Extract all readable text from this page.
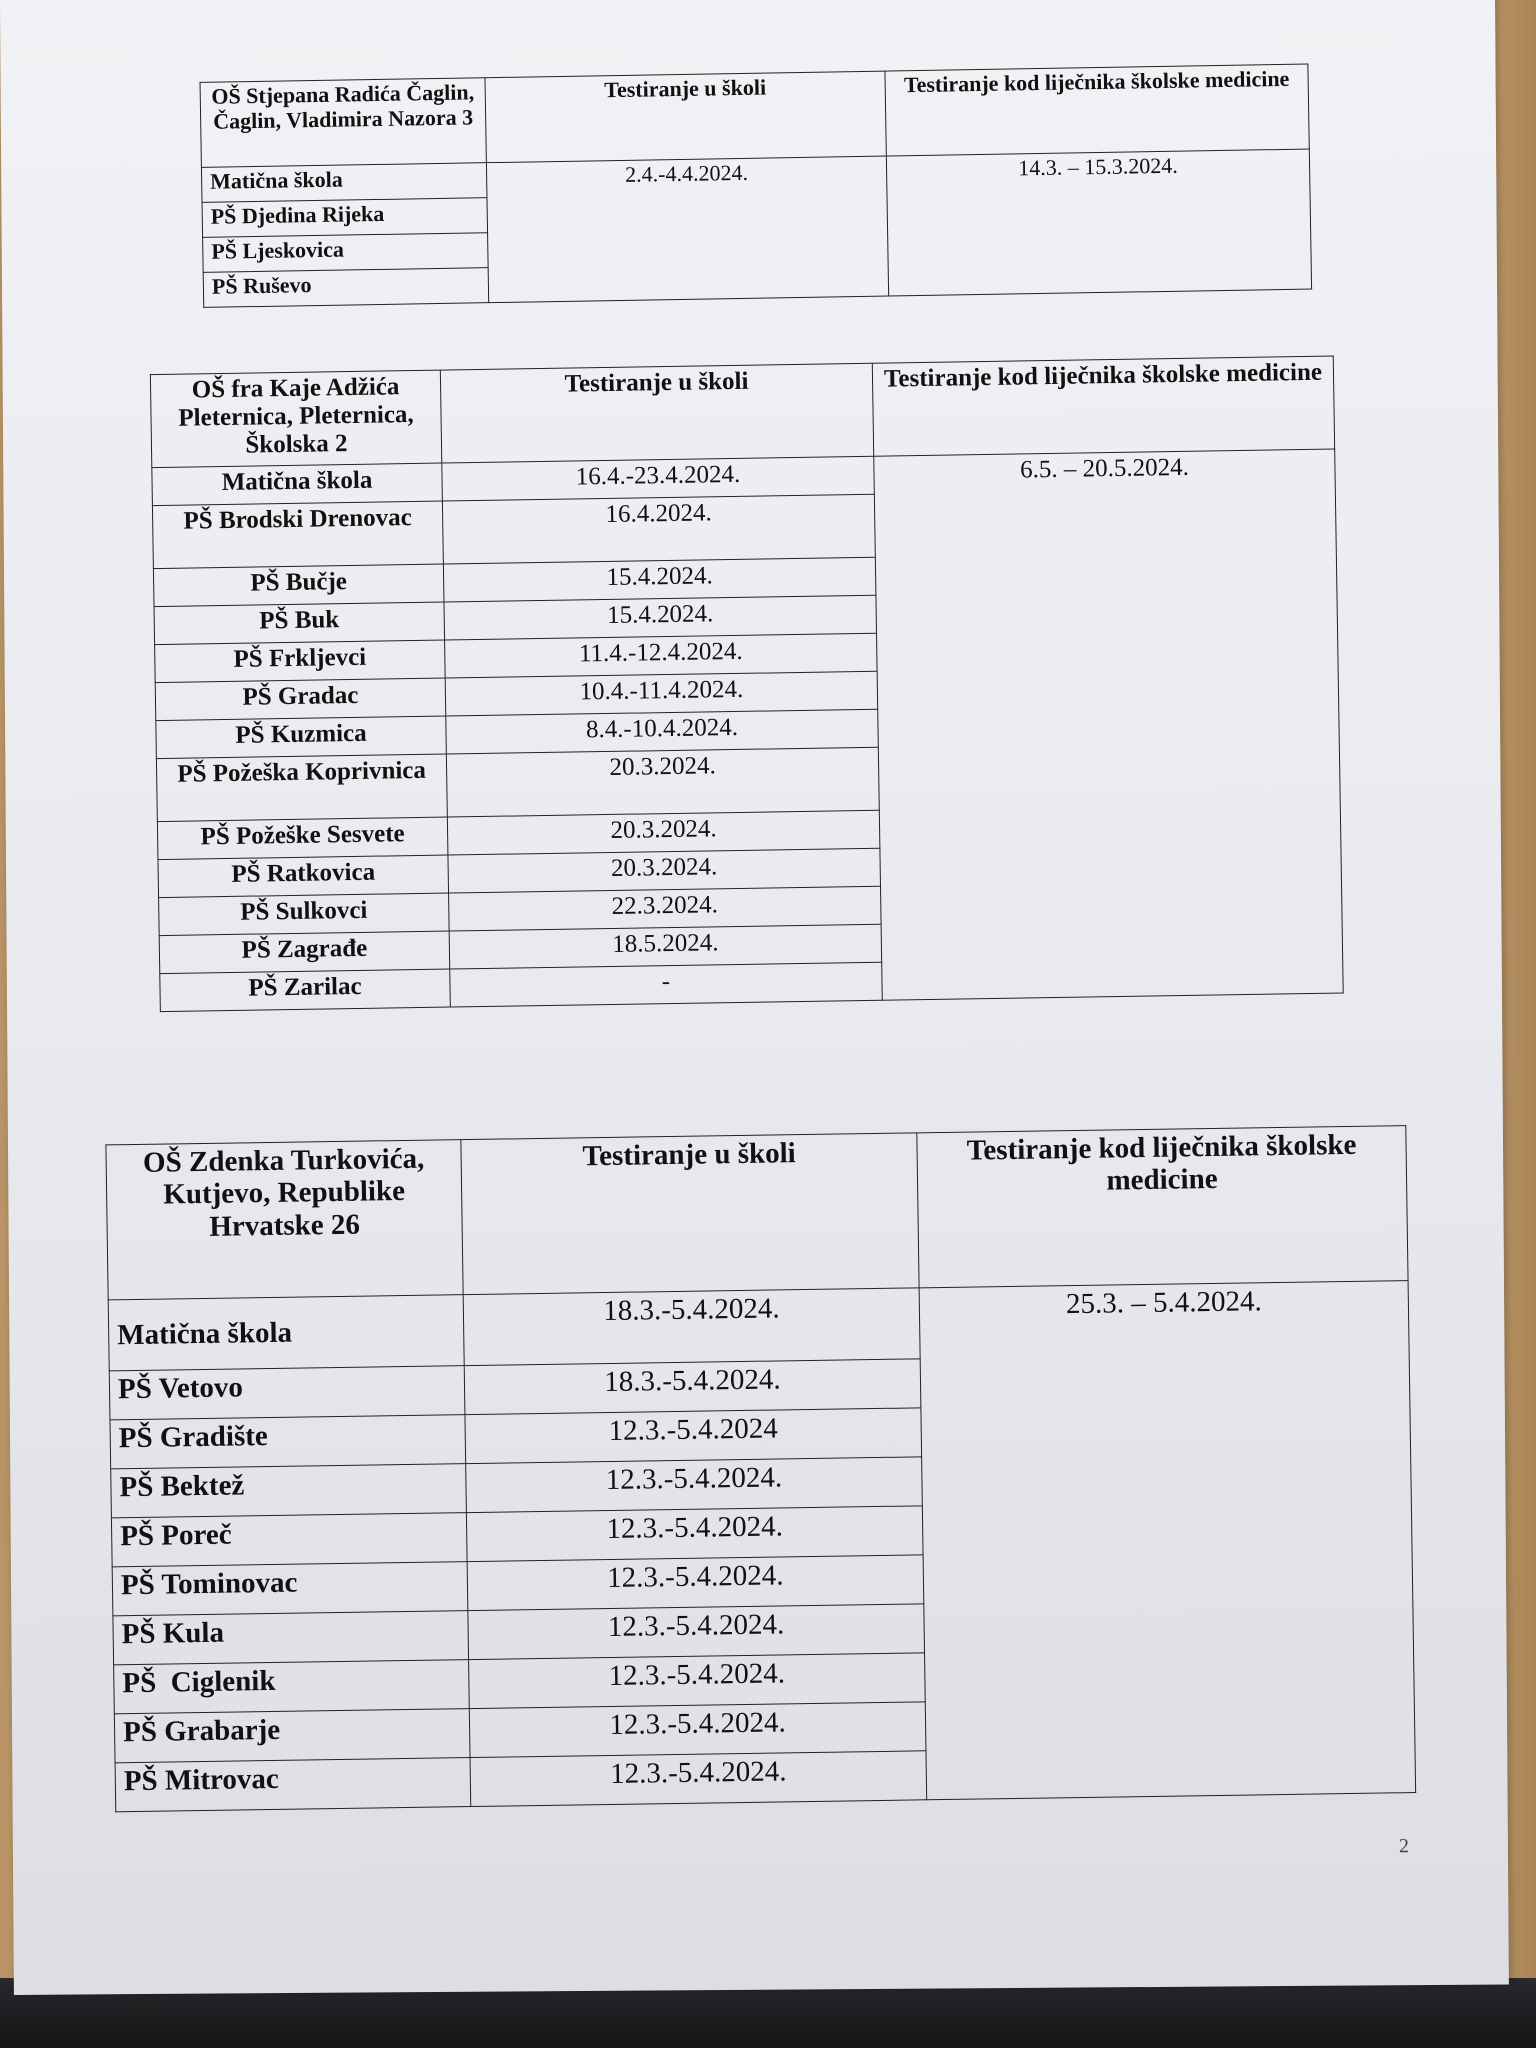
OŠ Stjepana Radića Čaglin, Čaglin, Vladimira Nazora 3	Testiranje u školi	Testiranje kod liječnika školske medicine
Matična škola	2.4.-4.4.2024.	14.3. – 15.3.2024.
PŠ Djedina Rijeka		
PŠ Ljeskovica		
PŠ Ruševo		
OŠ fra Kaje Adžića Pleternica, Pleternica, Školska 2	Testiranje u školi	Testiranje kod liječnika školske medicine
Matična škola	16.4.-23.4.2024.	6.5. – 20.5.2024.
PŠ Brodski Drenovac	16.4.2024.	
PŠ Bučje	15.4.2024.	
PŠ Buk	15.4.2024.	
PŠ Frkljevci	11.4.-12.4.2024.	
PŠ Gradac	10.4.-11.4.2024.	
PŠ Kuzmica	8.4.-10.4.2024.	
PŠ Požeška Koprivnica	20.3.2024.	
PŠ Požeške Sesvete	20.3.2024.	
PŠ Ratkovica	20.3.2024.	
PŠ Sulkovci	22.3.2024.	
PŠ Zagrađe	18.5.2024.	
PŠ Zarilac	-	
OŠ Zdenka Turkovića, Kutjevo, Republike Hrvatske 26	Testiranje u školi	Testiranje kod liječnika školske medicine
Matična škola	18.3.-5.4.2024.	25.3. – 5.4.2024.
PŠ Vetovo	18.3.-5.4.2024.	
PŠ Gradište	12.3.-5.4.2024	
PŠ Bektež	12.3.-5.4.2024.	
PŠ Poreč	12.3.-5.4.2024.	
PŠ Tominovac	12.3.-5.4.2024.	
PŠ Kula	12.3.-5.4.2024.	
PŠ  Ciglenik	12.3.-5.4.2024.	
PŠ Grabarje	12.3.-5.4.2024.	
PŠ Mitrovac	12.3.-5.4.2024.	
2
